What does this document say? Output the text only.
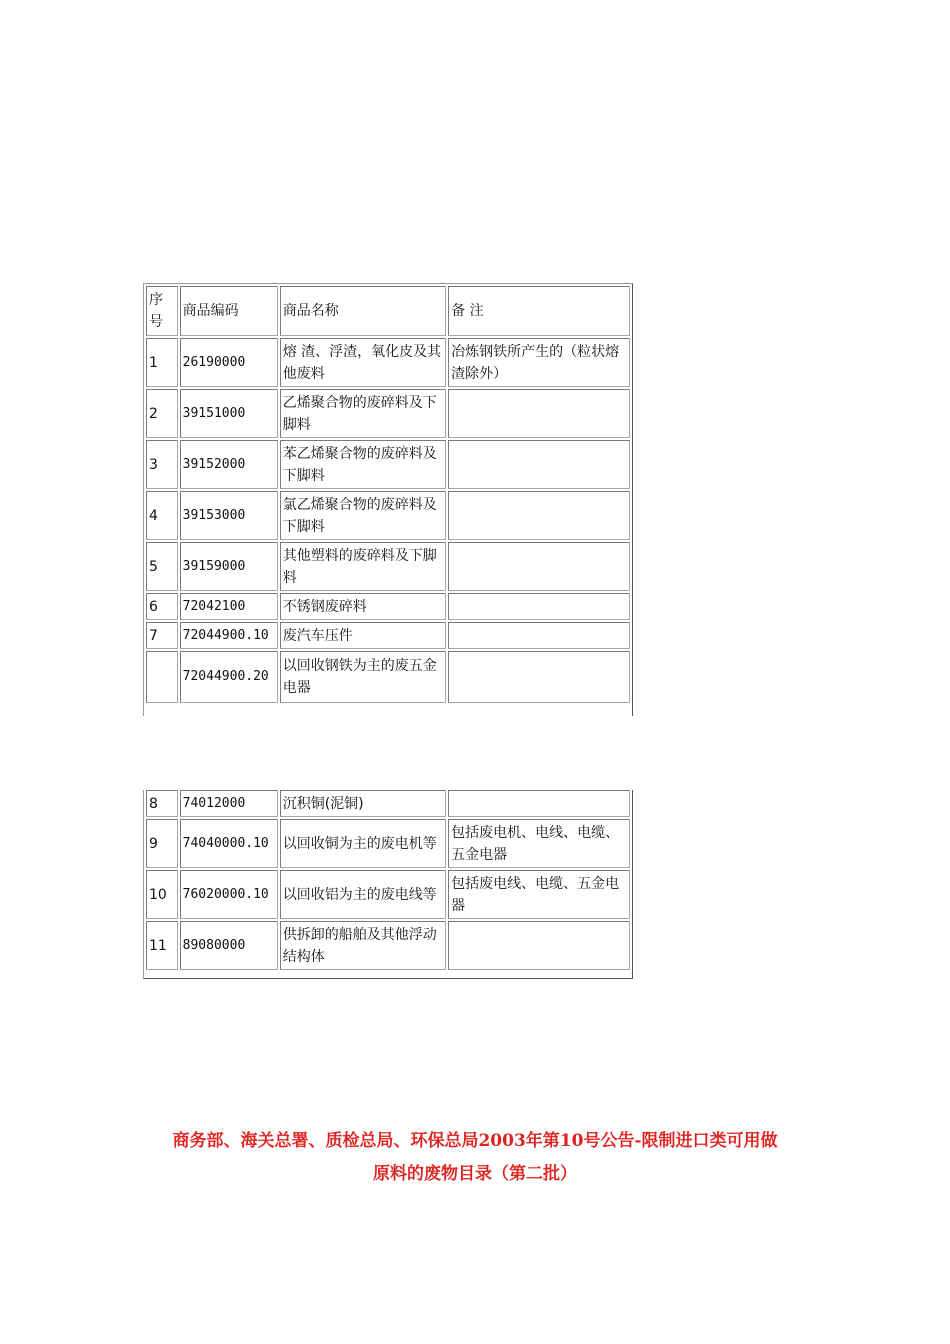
序号	商品编码	商品名称	备 注
1	26190000	熔 渣、浮渣，氧化皮及其他废料	冶炼钢铁所产生的（粒状熔渣除外）
2	39151000	乙烯聚合物的废碎料及下脚料	
3	39152000	苯乙烯聚合物的废碎料及下脚料	
4	39153000	氯乙烯聚合物的废碎料及下脚料	
5	39159000	其他塑料的废碎料及下脚料	
6	72042100	不锈钢废碎料	
7	72044900.10	废汽车压件	
	72044900.20	以回收钢铁为主的废五金电器	
8	74012000	沉积铜(泥铜)	
9	74040000.10	以回收铜为主的废电机等	包括废电机、电线、电缆、五金电器
10	76020000.10	以回收铝为主的废电线等	包括废电线、电缆、五金电器
11	89080000	供拆卸的船舶及其他浮动结构体	
商务部、海关总署、质检总局、环保总局2003年第10号公告-限制进口类可用做
原料的废物目录（第二批）
